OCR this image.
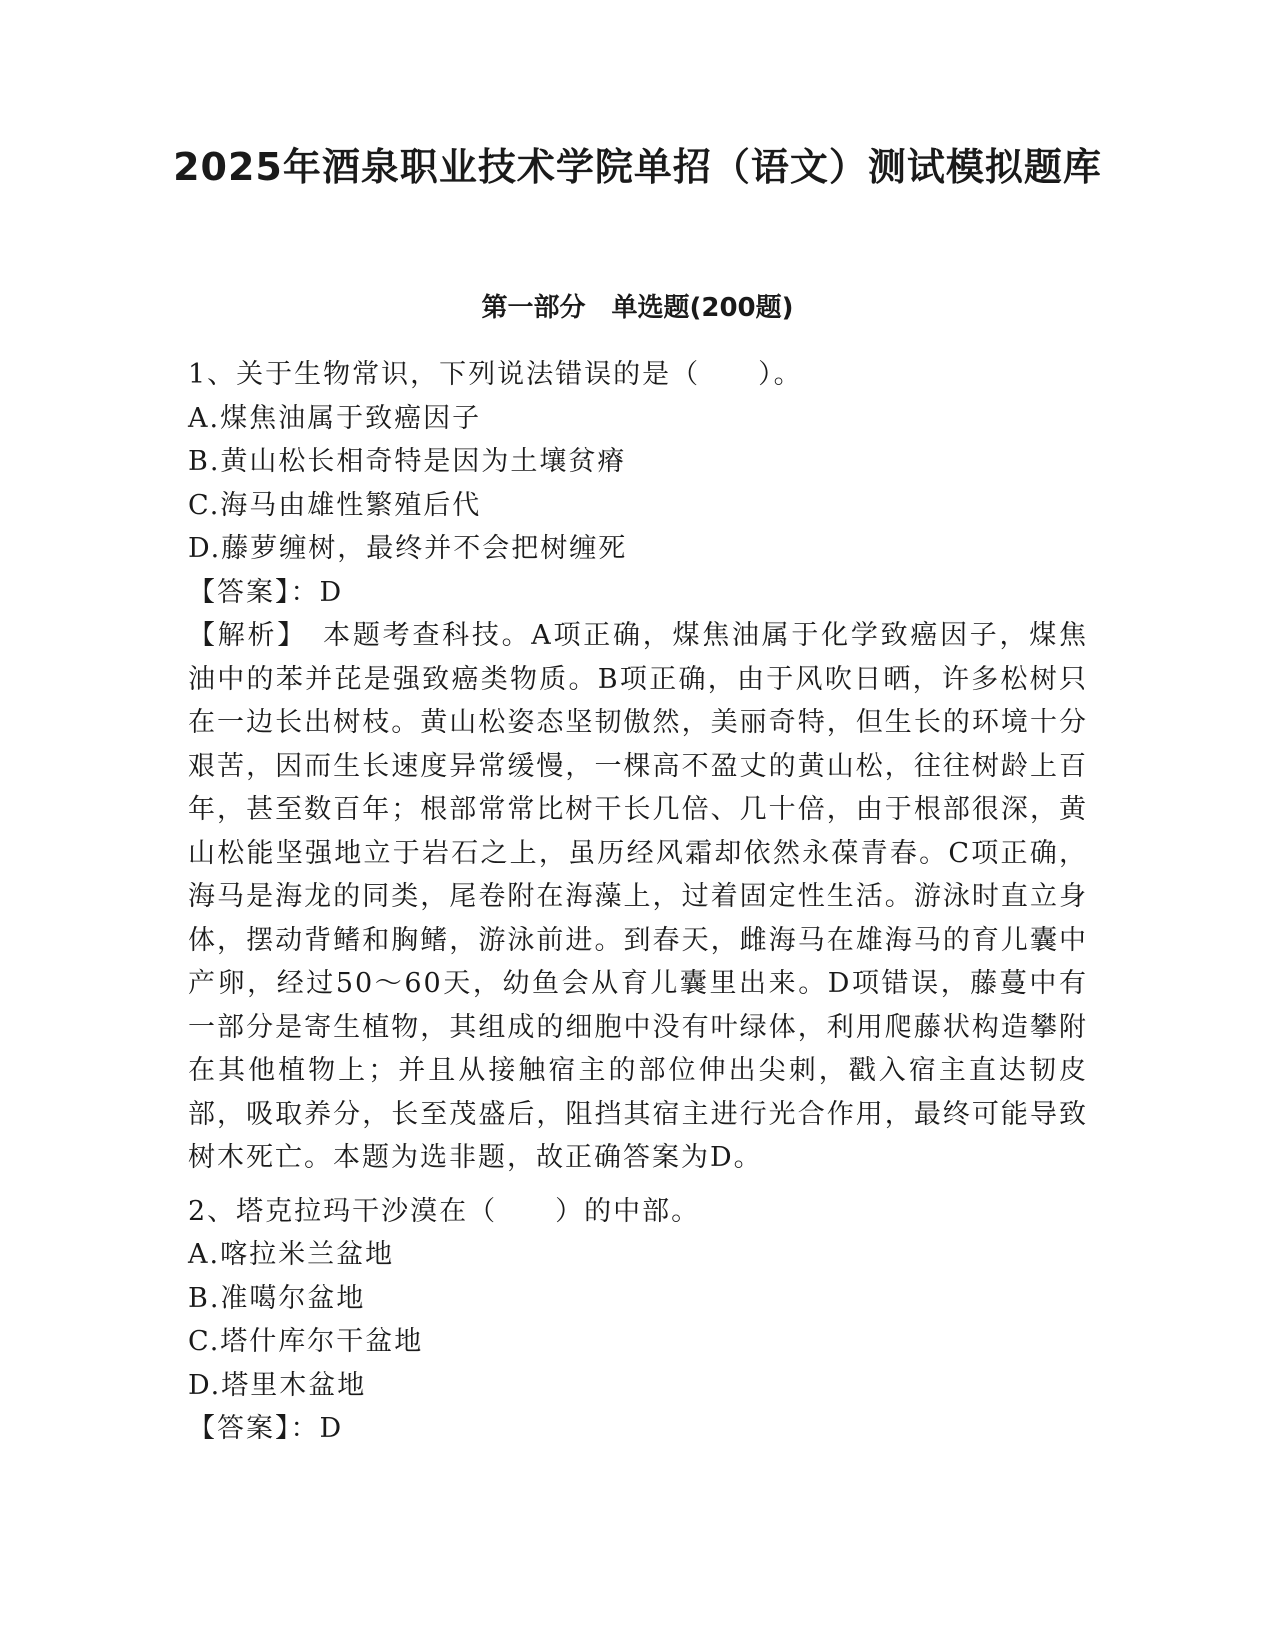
2025年酒泉职业技术学院单招（语文）测试模拟题库
第一部分　单选题(200题)

1、关于生物常识，下列说法错误的是（　　）。

A.煤焦油属于致癌因子

B.黄山松长相奇特是因为土壤贫瘠

C.海马由雄性繁殖后代

D.藤萝缠树，最终并不会把树缠死

【答案】：D

【解析】　本题考查科技。A项正确，煤焦油属于化学致癌因子，煤焦油中的苯并芘是强致癌类物质。B项正确，由于风吹日晒，许多松树只在一边长出树枝。黄山松姿态坚韧傲然，美丽奇特，但生长的环境十分艰苦，因而生长速度异常缓慢，一棵高不盈丈的黄山松，往往树龄上百年，甚至数百年；根部常常比树干长几倍、几十倍，由于根部很深，黄山松能坚强地立于岩石之上，虽历经风霜却依然永葆青春。C项正确，海马是海龙的同类，尾卷附在海藻上，过着固定性生活。游泳时直立身体，摆动背鳍和胸鳍，游泳前进。到春天，雌海马在雄海马的育儿囊中产卵，经过50～60天，幼鱼会从育儿囊里出来。D项错误，藤蔓中有一部分是寄生植物，其组成的细胞中没有叶绿体，利用爬藤状构造攀附在其他植物上；并且从接触宿主的部位伸出尖刺，戳入宿主直达韧皮部，吸取养分，长至茂盛后，阻挡其宿主进行光合作用，最终可能导致树木死亡。本题为选非题，故正确答案为D。

2、塔克拉玛干沙漠在（　　）的中部。

A.喀拉米兰盆地

B.准噶尔盆地

C.塔什库尔干盆地

D.塔里木盆地

【答案】：D
